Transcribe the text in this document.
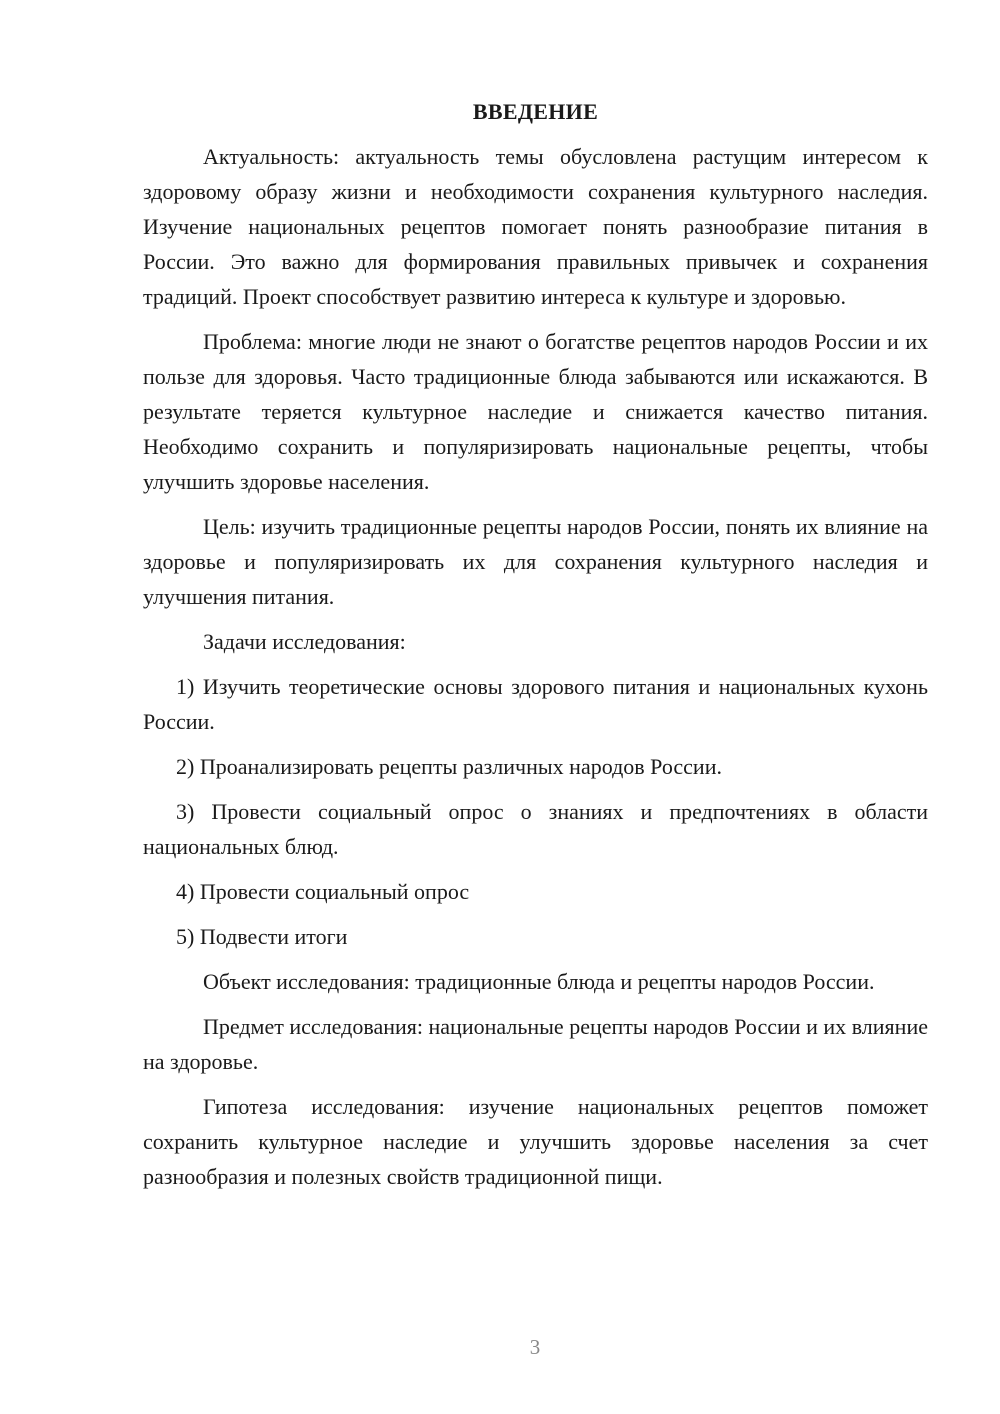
ВВЕДЕНИЕ

Актуальность: актуальность темы обусловлена растущим интересом к здоровому образу жизни и необходимости сохранения культурного наследия. Изучение национальных рецептов помогает понять разнообразие питания в России. Это важно для формирования правильных привычек и сохранения традиций. Проект способствует развитию интереса к культуре и здоровью.

Проблема: многие люди не знают о богатстве рецептов народов России и их пользе для здоровья. Часто традиционные блюда забываются или искажаются. В результате теряется культурное наследие и снижается качество питания. Необходимо сохранить и популяризировать национальные рецепты, чтобы улучшить здоровье населения.

Цель: изучить традиционные рецепты народов России, понять их влияние на здоровье и популяризировать их для сохранения культурного наследия и улучшения питания.

Задачи исследования:

1) Изучить теоретические основы здорового питания и национальных кухонь России.

2) Проанализировать рецепты различных народов России.

3) Провести социальный опрос о знаниях и предпочтениях в области национальных блюд.

4) Провести социальный опрос

5) Подвести итоги

Объект исследования: традиционные блюда и рецепты народов России.

Предмет исследования: национальные рецепты народов России и их влияние на здоровье.

Гипотеза исследования: изучение национальных рецептов поможет сохранить культурное наследие и улучшить здоровье населения за счет разнообразия и полезных свойств традиционной пищи.

3
